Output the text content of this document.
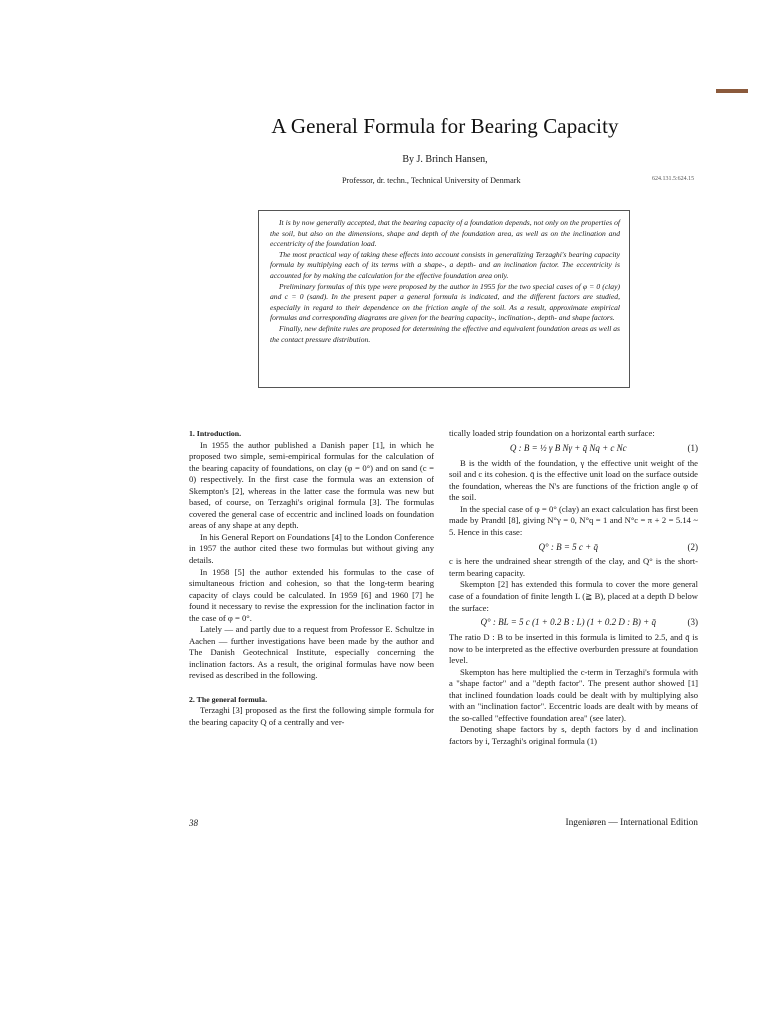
A General Formula for Bearing Capacity
By J. Brinch Hansen,
Professor, dr. techn., Technical University of Denmark	624.131.5:624.15

It is by now generally accepted, that the bearing capacity of a foundation depends, not only on the properties of the soil, but also on the dimensions, shape and depth of the foundation area, as well as on the inclination and eccentricity of the foundation load.

The most practical way of taking these effects into account consists in generalizing Terzaghi's bearing capacity formula by multiplying each of its terms with a shape-, a depth- and an inclination factor. The eccentricity is accounted for by making the calculation for the effective foundation area only.

Preliminary formulas of this type were proposed by the author in 1955 for the two special cases of φ = 0 (clay) and c = 0 (sand). In the present paper a general formula is indicated, and the different factors are studied, especially in regard to their dependence on the friction angle of the soil. As a result, approximate empirical formulas and corresponding diagrams are given for the bearing capacity-, inclination-, depth- and shape factors.

Finally, new definite rules are proposed for determining the effective and equivalent foundation areas as well as the contact pressure distribution.

1. Introduction.

In 1955 the author published a Danish paper [1], in which he proposed two simple, semi-empirical formulas for the calculation of the bearing capacity of foundations, on clay (φ = 0°) and on sand (c = 0) respectively. In the first case the formula was an extension of Skempton's [2], whereas in the latter case the formula was new but based, of course, on Terzaghi's original formula [3]. The formulas covered the general case of eccentric and inclined loads on foundation areas of any shape at any depth.

In his General Report on Foundations [4] to the London Conference in 1957 the author cited these two formulas but without giving any details.

In 1958 [5] the author extended his formulas to the case of simultaneous friction and cohesion, so that the long-term bearing capacity of clays could be calculated. In 1959 [6] and 1960 [7] he found it necessary to revise the expression for the inclination factor in the case of φ = 0°.

Lately — and partly due to a request from Professor E. Schultze in Aachen — further investigations have been made by the author and The Danish Geotechnical Institute, especially concerning the inclination factors. As a result, the original formulas have now been revised as described in the following.

2. The general formula.

Terzaghi [3] proposed as the first the following simple formula for the bearing capacity Q of a centrally and ver-

tically loaded strip foundation on a horizontal earth surface:

Q : B = ½ γ B Nγ + q̄ Nq + c Nc	(1)

B is the width of the foundation, γ the effective unit weight of the soil and c its cohesion. q̄ is the effective unit load on the surface outside the foundation, whereas the N's are functions of the friction angle φ of the soil.

In the special case of φ = 0° (clay) an exact calculation has first been made by Prandtl [8], giving N°γ = 0, N°q = 1 and N°c = π + 2 = 5.14 ~ 5. Hence in this case:

Q° : B = 5 c + q̄	(2)

c is here the undrained shear strength of the clay, and Q° is the short-term bearing capacity.

Skempton [2] has extended this formula to cover the more general case of a foundation of finite length L (≧ B), placed at a depth D below the surface:

Q° : BL = 5 c (1 + 0.2 B : L) (1 + 0.2 D : B) + q̄	(3)

The ratio D : B to be inserted in this formula is limited to 2.5, and q̄ is now to be interpreted as the effective overburden pressure at foundation level.

Skempton has here multiplied the c-term in Terzaghi's formula with a "shape factor" and a "depth factor". The present author showed [1] that inclined foundation loads could be dealt with by multiplying also with an "inclination factor". Eccentric loads are dealt with by means of the so-called "effective foundation area" (see later).

Denoting shape factors by s, depth factors by d and inclination factors by i, Terzaghi's original formula (1)

38	Ingeniøren — International Edition
